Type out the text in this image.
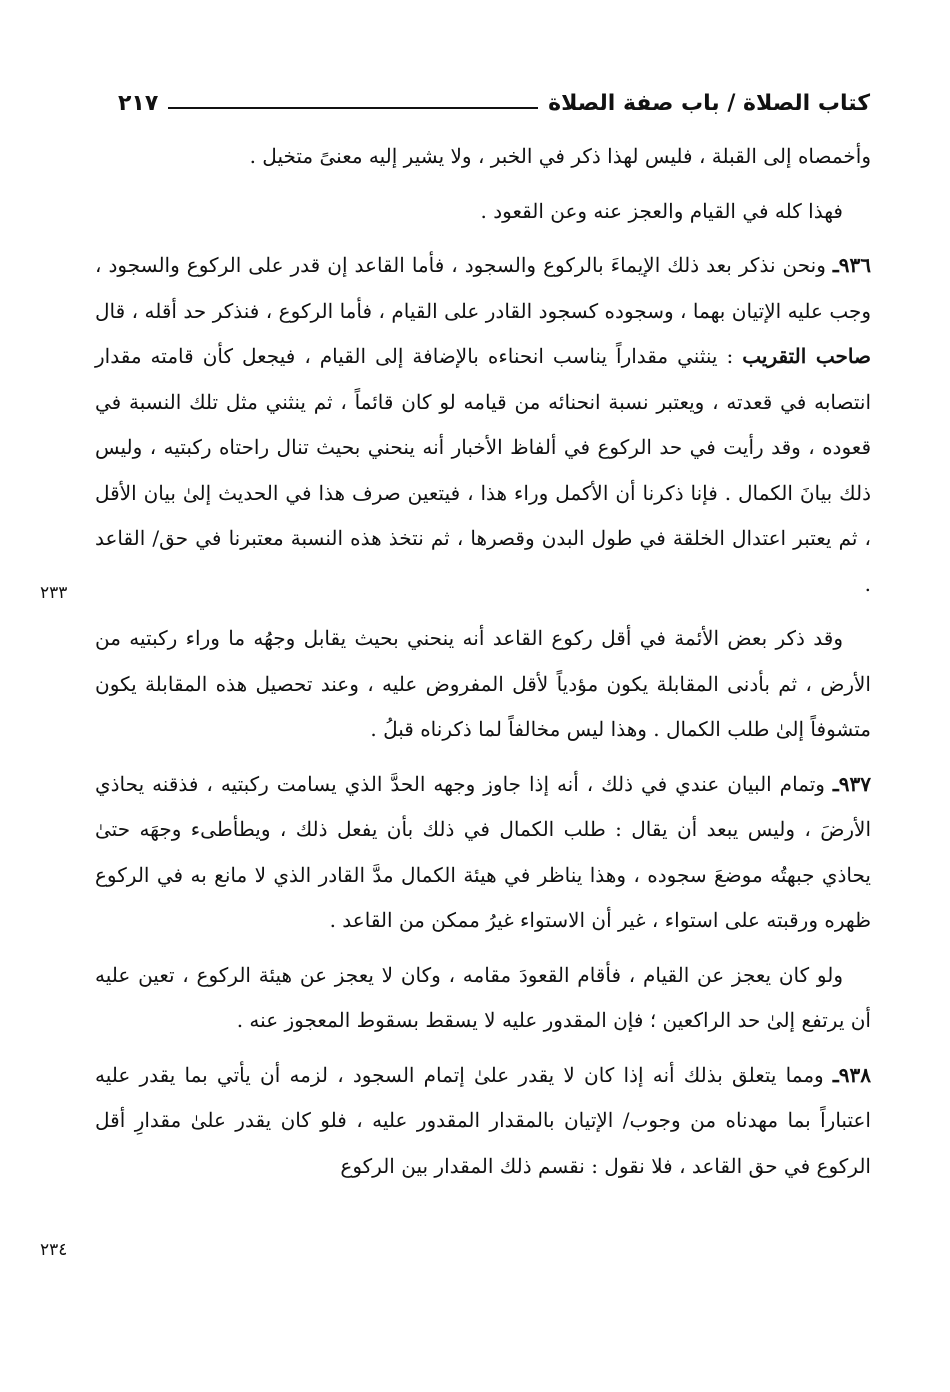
كتاب الصلاة / باب صفة الصلاة
٢١٧
٢٣٣
٢٣٤

وأخمصاه إلى القبلة ، فليس لهذا ذكر في الخبر ، ولا يشير إليه معنىً متخيل .

فهذا كله في القيام والعجز عنه وعن القعود .

٩٣٦ـ ونحن نذكر بعد ذلك الإيماءَ بالركوع والسجود ، فأما القاعد إن قدر على الركوع والسجود ، وجب عليه الإتيان بهما ، وسجوده كسجود القادر على القيام ، فأما الركوع ، فنذكر حد أقله ، قال صاحب التقريب : ينثني مقداراً يناسب انحناءه بالإضافة إلى القيام ، فيجعل كأن قامته مقدار انتصابه في قعدته ، ويعتبر نسبة انحنائه من قيامه لو كان قائماً ، ثم ينثني مثل تلك النسبة في قعوده ، وقد رأيت في حد الركوع في ألفاظ الأخبار أنه ينحني بحيث تنال راحتاه ركبتيه ، وليس ذلك بيانَ الكمال . فإنا ذكرنا أن الأكمل وراء هذا ، فيتعين صرف هذا في الحديث إلىٰ بيان الأقل ، ثم يعتبر اعتدال الخلقة في طول البدن وقصرها ، ثم نتخذ هذه النسبة معتبرنا في حق/ القاعد .

وقد ذكر بعض الأئمة في أقل ركوع القاعد أنه ينحني بحيث يقابل وجهُه ما وراء ركبتيه من الأرض ، ثم بأدنى المقابلة يكون مؤدياً لأقل المفروض عليه ، وعند تحصيل هذه المقابلة يكون متشوفاً إلىٰ طلب الكمال . وهذا ليس مخالفاً لما ذكرناه قبلُ .

٩٣٧ـ وتمام البيان عندي في ذلك ، أنه إذا جاوز وجهه الحدَّ الذي يسامت ركبتيه ، فذقنه يحاذي الأرضَ ، وليس يبعد أن يقال : طلب الكمال في ذلك بأن يفعل ذلك ، ويطأطىء وجهَه حتىٰ يحاذي جبهتُه موضعَ سجوده ، وهذا يناظر في هيئة الكمال مدَّ القادر الذي لا مانع به في الركوع ظهره ورقبته على استواء ، غير أن الاستواء غيرُ ممكن من القاعد .

ولو كان يعجز عن القيام ، فأقام القعودَ مقامه ، وكان لا يعجز عن هيئة الركوع ، تعين عليه أن يرتفع إلىٰ حد الراكعين ؛ فإن المقدور عليه لا يسقط بسقوط المعجوز عنه .

٩٣٨ـ ومما يتعلق بذلك أنه إذا كان لا يقدر علىٰ إتمام السجود ، لزمه أن يأتي بما يقدر عليه اعتباراً بما مهدناه من وجوب/ الإتيان بالمقدار المقدور عليه ، فلو كان يقدر علىٰ مقدارِ أقل الركوع في حق القاعد ، فلا نقول : نقسم ذلك المقدار بين الركوع
